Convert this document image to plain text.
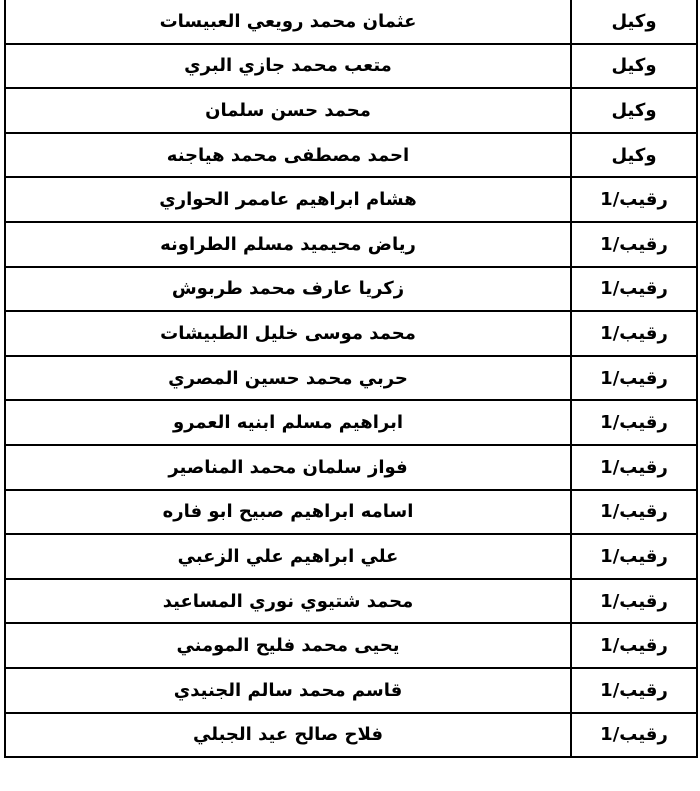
وكيل	عثمان محمد رويعي العبيسات
وكيل	متعب محمد جازي البري
وكيل	محمد حسن سلمان
وكيل	احمد مصطفى محمد هياجنه
رقيب/1	هشام ابراهيم عاممر الحواري
رقيب/1	رياض محيميد مسلم الطراونه
رقيب/1	زكريا عارف محمد طربوش
رقيب/1	محمد موسى خليل الطبيشات
رقيب/1	حربي محمد حسين المصري
رقيب/1	ابراهيم مسلم ابنيه العمرو
رقيب/1	فواز سلمان محمد المناصير
رقيب/1	اسامه ابراهيم صبيح ابو فاره
رقيب/1	علي ابراهيم علي الزعبي
رقيب/1	محمد شتيوي نوري المساعيد
رقيب/1	يحيى محمد فليح المومني
رقيب/1	قاسم محمد سالم الجنيدي
رقيب/1	فلاح صالح عيد الجبلي
